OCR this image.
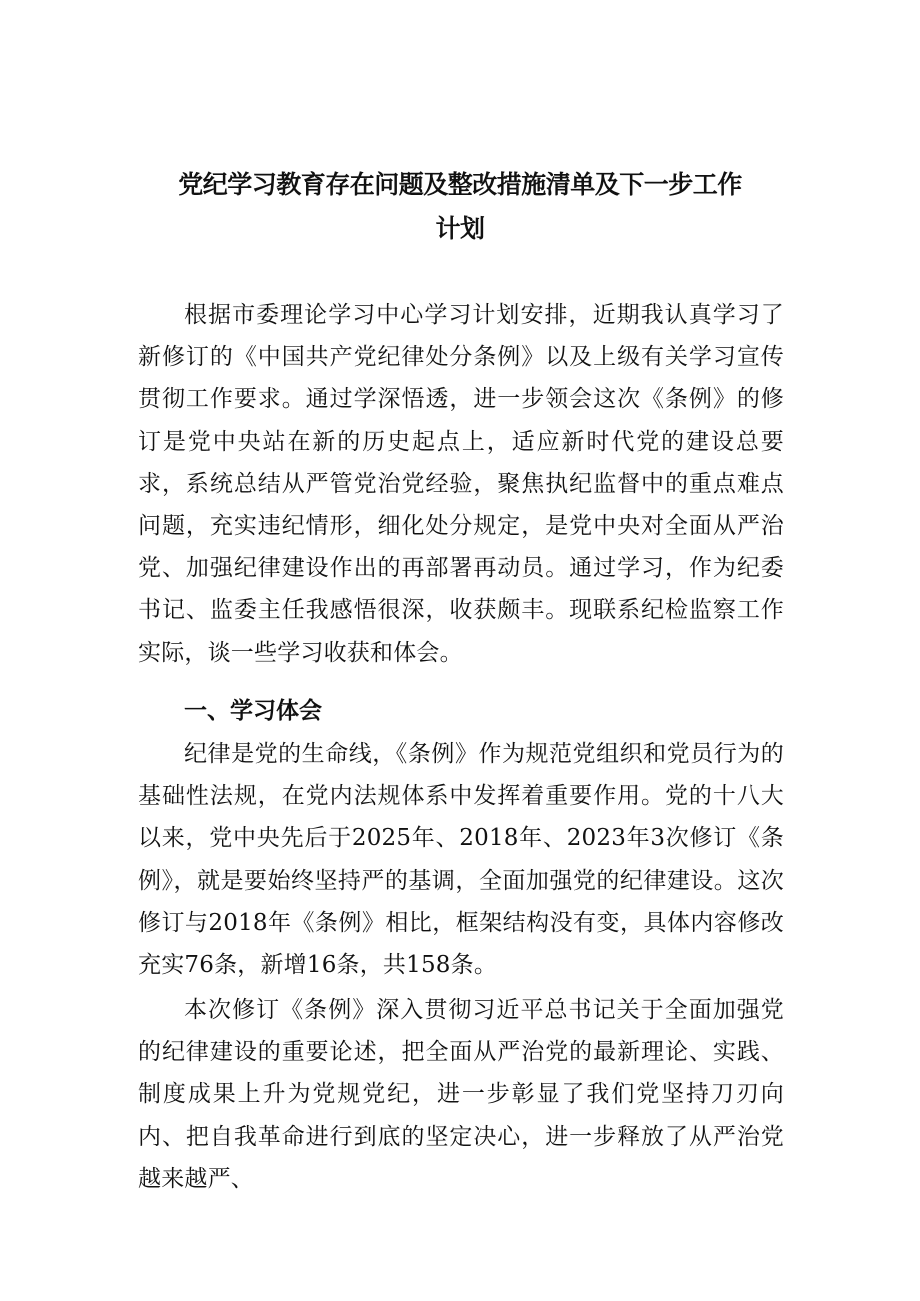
党纪学习教育存在问题及整改措施清单及下一步工作
计划

根据市委理论学习中心学习计划安排，近期我认真学习了新修订的《中国共产党纪律处分条例》以及上级有关学习宣传贯彻工作要求。通过学深悟透，进一步领会这次《条例》的修订是党中央站在新的历史起点上，适应新时代党的建设总要求，系统总结从严管党治党经验，聚焦执纪监督中的重点难点问题，充实违纪情形，细化处分规定，是党中央对全面从严治党、加强纪律建设作出的再部署再动员。通过学习，作为纪委书记、监委主任我感悟很深，收获颇丰。现联系纪检监察工作实际，谈一些学习收获和体会。

一、学习体会

纪律是党的生命线，《条例》作为规范党组织和党员行为的基础性法规，在党内法规体系中发挥着重要作用。党的十八大以来，党中央先后于2025年、2018年、2023年3次修订《条例》，就是要始终坚持严的基调，全面加强党的纪律建设。这次修订与2018年《条例》相比，框架结构没有变，具体内容修改充实76条，新增16条，共158条。

本次修订《条例》深入贯彻习近平总书记关于全面加强党的纪律建设的重要论述，把全面从严治党的最新理论、实践、制度成果上升为党规党纪，进一步彰显了我们党坚持刀刃向内、把自我革命进行到底的坚定决心，进一步释放了从严治党越来越严、
